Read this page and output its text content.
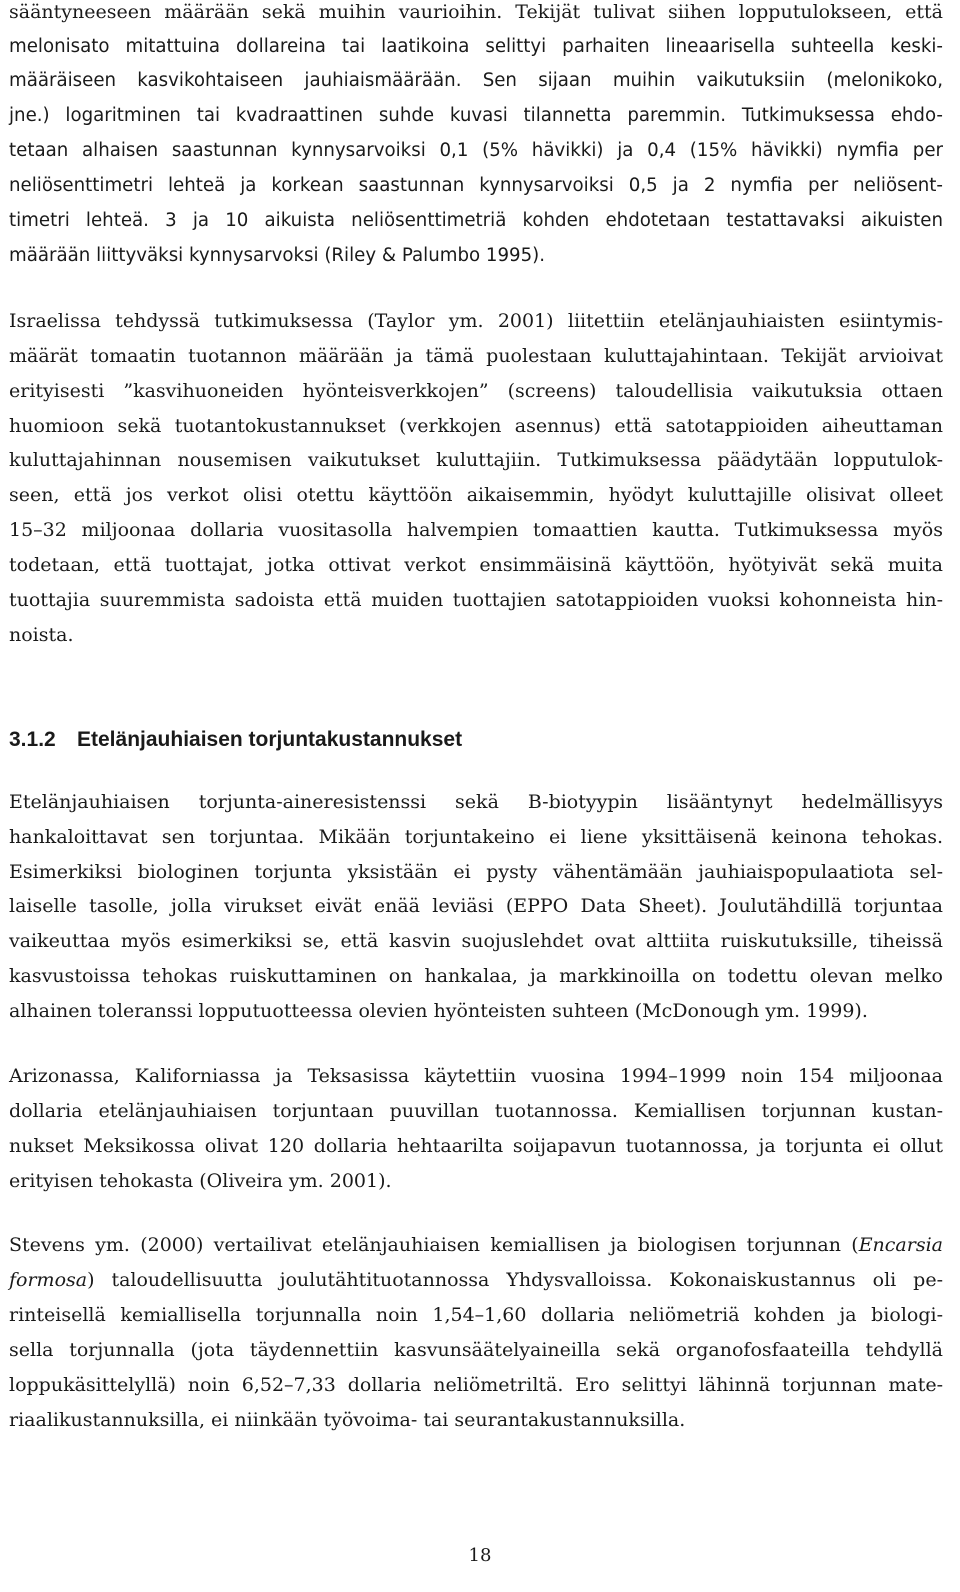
sääntyneeseen määrään sekä muihin vaurioihin. Tekijät tulivat siihen lopputulokseen, että
melonisato mitattuina dollareina tai laatikoina selittyi parhaiten lineaarisella suhteella keski-
määräiseen kasvikohtaiseen jauhiaismäärään. Sen sijaan muihin vaikutuksiin (melonikoko,
jne.) logaritminen tai kvadraattinen suhde kuvasi tilannetta paremmin. Tutkimuksessa ehdo-
tetaan alhaisen saastunnan kynnysarvoiksi 0,1 (5% hävikki) ja 0,4 (15% hävikki) nymfia per
neliösenttimetri lehteä ja korkean saastunnan kynnysarvoiksi 0,5 ja 2 nymfia per neliösent-
timetri lehteä. 3 ja 10 aikuista neliösenttimetriä kohden ehdotetaan testattavaksi aikuisten
määrään liittyväksi kynnysarvoksi (Riley & Palumbo 1995).
Israelissa tehdyssä tutkimuksessa (Taylor ym. 2001) liitettiin etelänjauhiaisten esiintymis-
määrät tomaatin tuotannon määrään ja tämä puolestaan kuluttajahintaan. Tekijät arvioivat
erityisesti ”kasvihuoneiden hyönteisverkkojen” (screens) taloudellisia vaikutuksia ottaen
huomioon sekä tuotantokustannukset (verkkojen asennus) että satotappioiden aiheuttaman
kuluttajahinnan nousemisen vaikutukset kuluttajiin. Tutkimuksessa päädytään lopputulok-
seen, että jos verkot olisi otettu käyttöön aikaisemmin, hyödyt kuluttajille olisivat olleet
15–32 miljoonaa dollaria vuositasolla halvempien tomaattien kautta. Tutkimuksessa myös
todetaan, että tuottajat, jotka ottivat verkot ensimmäisinä käyttöön, hyötyivät sekä muita
tuottajia suuremmista sadoista että muiden tuottajien satotappioiden vuoksi kohonneista hin-
noista.
3.1.2 Etelänjauhiaisen torjuntakustannukset
Etelänjauhiaisen torjunta-aineresistenssi sekä B-biotyypin lisääntynyt hedelmällisyys
hankaloittavat sen torjuntaa. Mikään torjuntakeino ei liene yksittäisenä keinona tehokas.
Esimerkiksi biologinen torjunta yksistään ei pysty vähentämään jauhiaispopulaatiota sel-
laiselle tasolle, jolla virukset eivät enää leviäsi (EPPO Data Sheet). Joulutähdillä torjuntaa
vaikeuttaa myös esimerkiksi se, että kasvin suojuslehdet ovat alttiita ruiskutuksille, tiheissä
kasvustoissa tehokas ruiskuttaminen on hankalaa, ja markkinoilla on todettu olevan melko
alhainen toleranssi lopputuotteessa olevien hyönteisten suhteen (McDonough ym. 1999).
Arizonassa, Kaliforniassa ja Teksasissa käytettiin vuosina 1994–1999 noin 154 miljoonaa
dollaria etelänjauhiaisen torjuntaan puuvillan tuotannossa. Kemiallisen torjunnan kustan-
nukset Meksikossa olivat 120 dollaria hehtaarilta soijapavun tuotannossa, ja torjunta ei ollut
erityisen tehokasta (Oliveira ym. 2001).
Stevens ym. (2000) vertailivat etelänjauhiaisen kemiallisen ja biologisen torjunnan (Encarsia
formosa) taloudellisuutta joulutähtituotannossa Yhdysvalloissa. Kokonaiskustannus oli pe-
rinteisellä kemiallisella torjunnalla noin 1,54–1,60 dollaria neliömetriä kohden ja biologi-
sella torjunnalla (jota täydennettiin kasvunsäätelyaineilla sekä organofosfaateilla tehdyllä
loppukäsittelyllä) noin 6,52–7,33 dollaria neliömetriltä. Ero selittyi lähinnä torjunnan mate-
riaalikustannuksilla, ei niinkään työvoima- tai seurantakustannuksilla.
18
